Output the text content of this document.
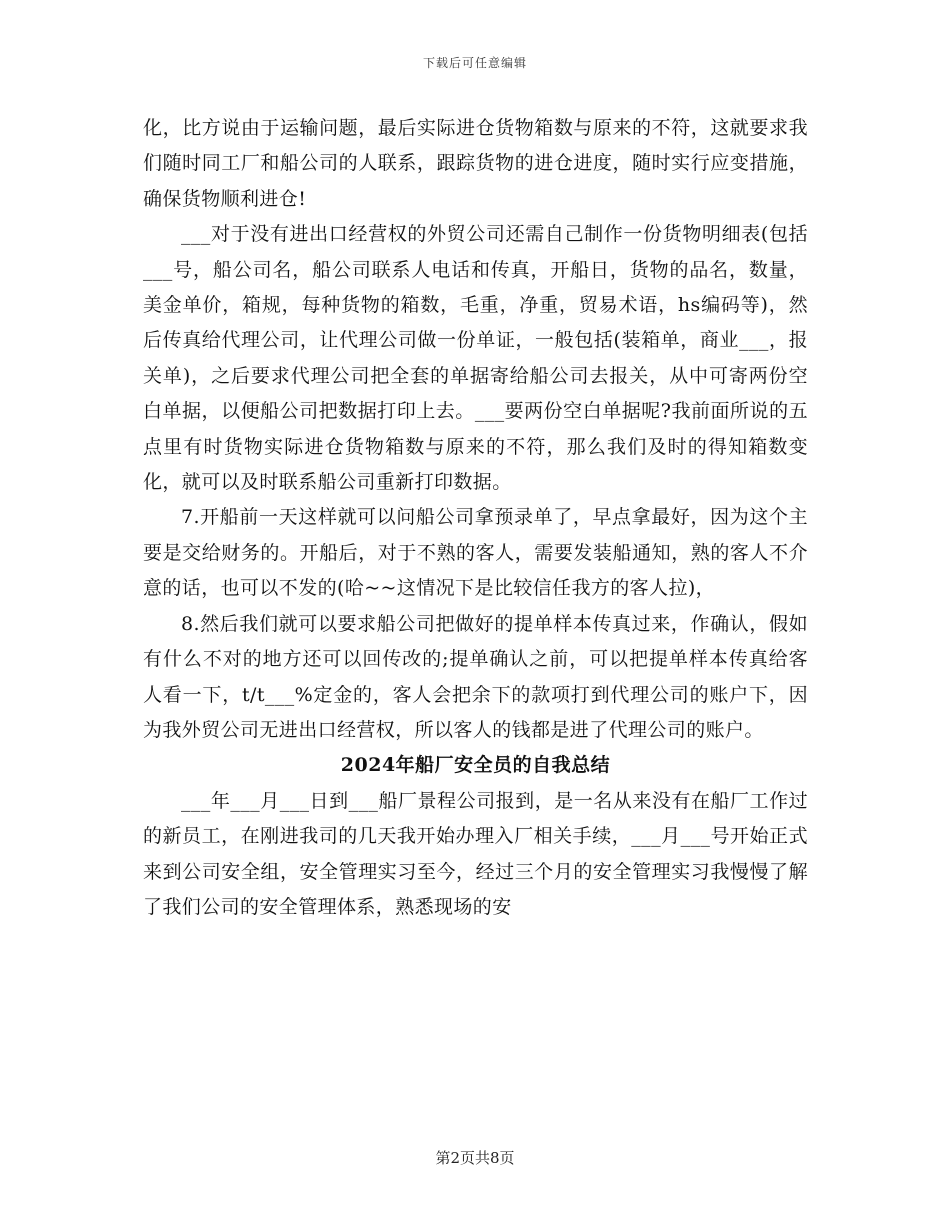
下载后可任意编辑

化，比方说由于运输问题，最后实际进仓货物箱数与原来的不符，这就要求我们随时同工厂和船公司的人联系，跟踪货物的进仓进度，随时实行应变措施，确保货物顺利进仓!

___对于没有进出口经营权的外贸公司还需自己制作一份货物明细表(包括___号，船公司名，船公司联系人电话和传真，开船日，货物的品名，数量，美金单价，箱规，每种货物的箱数，毛重，净重，贸易术语，hs编码等)，然后传真给代理公司，让代理公司做一份单证，一般包括(装箱单，商业___，报关单)，之后要求代理公司把全套的单据寄给船公司去报关，从中可寄两份空白单据，以便船公司把数据打印上去。___要两份空白单据呢?我前面所说的五点里有时货物实际进仓货物箱数与原来的不符，那么我们及时的得知箱数变化，就可以及时联系船公司重新打印数据。

7.开船前一天这样就可以问船公司拿预录单了，早点拿最好，因为这个主要是交给财务的。开船后，对于不熟的客人，需要发装船通知，熟的客人不介意的话，也可以不发的(哈~~这情况下是比较信任我方的客人拉)，

8.然后我们就可以要求船公司把做好的提单样本传真过来，作确认，假如有什么不对的地方还可以回传改的;提单确认之前，可以把提单样本传真给客人看一下，t/t___%定金的，客人会把余下的款项打到代理公司的账户下，因为我外贸公司无进出口经营权，所以客人的钱都是进了代理公司的账户。

2024年船厂安全员的自我总结

___年___月___日到___船厂景程公司报到，是一名从来没有在船厂工作过的新员工，在刚进我司的几天我开始办理入厂相关手续，___月___号开始正式来到公司安全组，安全管理实习至今，经过三个月的安全管理实习我慢慢了解了我们公司的安全管理体系，熟悉现场的安

第2页共8页
